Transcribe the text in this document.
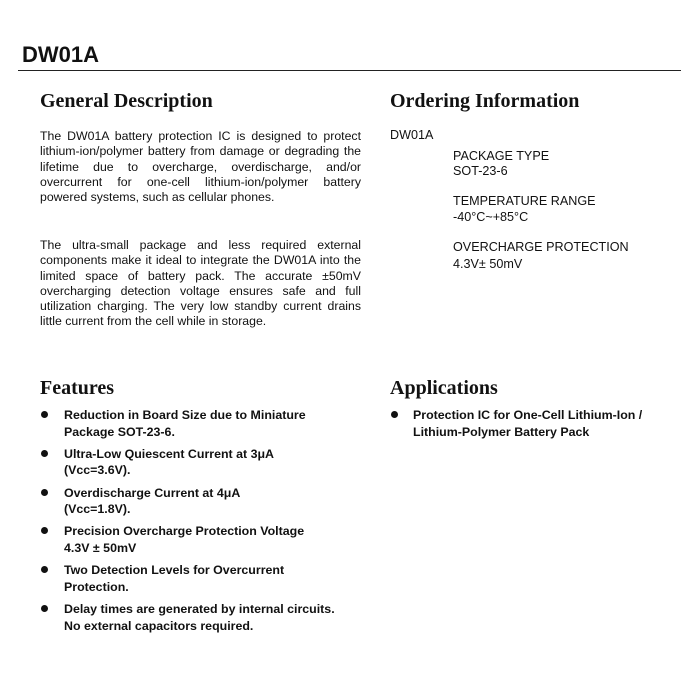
DW01A
General Description

The DW01A battery protection IC is designed to protect lithium-ion/polymer battery from damage or degrading the lifetime due to overcharge, overdischarge, and/or overcurrent for one-cell lithium-ion/polymer battery powered systems, such as cellular phones.

The ultra-small package and less required external components make it ideal to integrate the DW01A into the limited space of battery pack. The accurate ±50mV overcharging detection voltage ensures safe and full utilization charging. The very low standby current drains little current from the cell while in storage.

Ordering Information
DW01A
PACKAGE TYPE
SOT-23-6
TEMPERATURE RANGE
-40°C~+85°C
OVERCHARGE PROTECTION
4.3V± 50mV
Features
Reduction in Board Size due to Miniature
Package SOT-23-6.
Ultra-Low Quiescent Current at 3μA
(Vcc=3.6V).
Overdischarge Current at 4μA
(Vcc=1.8V).
Precision Overcharge Protection Voltage
4.3V ± 50mV
Two Detection Levels for Overcurrent
Protection.
Delay times are generated by internal circuits.
No external capacitors required.
Applications
Protection IC for One-Cell Lithium-Ion /
Lithium-Polymer Battery Pack
